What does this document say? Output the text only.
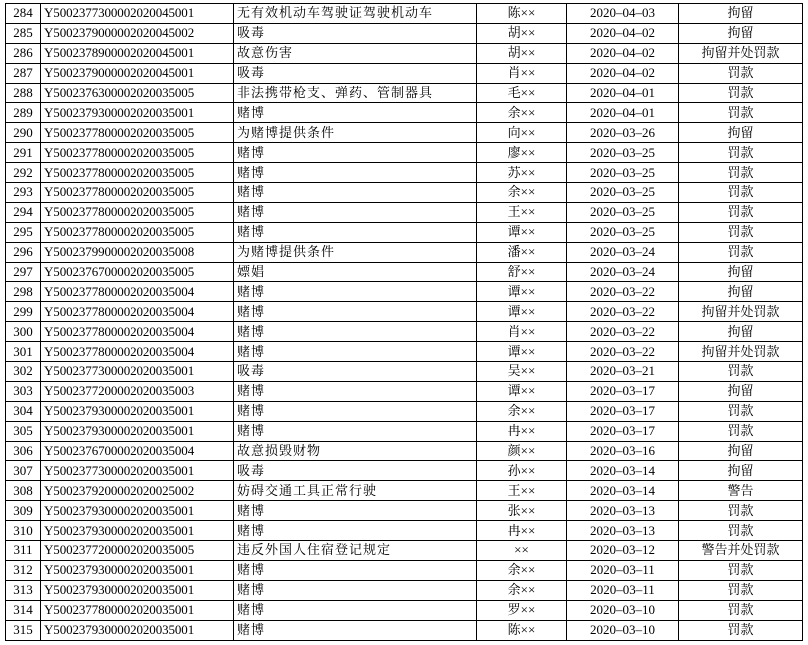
284	Y5002377300002020045001	无有效机动车驾驶证驾驶机动车	陈××	2020–04–03	拘留
285	Y5002379000002020045002	吸毒	胡××	2020–04–02	拘留
286	Y5002378900002020045001	故意伤害	胡××	2020–04–02	拘留并处罚款
287	Y5002379000002020045001	吸毒	肖××	2020–04–02	罚款
288	Y5002376300002020035005	非法携带枪支、弹药、管制器具	毛××	2020–04–01	罚款
289	Y5002379300002020035001	赌博	余××	2020–04–01	罚款
290	Y5002377800002020035005	为赌博提供条件	向××	2020–03–26	拘留
291	Y5002377800002020035005	赌博	廖××	2020–03–25	罚款
292	Y5002377800002020035005	赌博	苏××	2020–03–25	罚款
293	Y5002377800002020035005	赌博	余××	2020–03–25	罚款
294	Y5002377800002020035005	赌博	王××	2020–03–25	罚款
295	Y5002377800002020035005	赌博	谭××	2020–03–25	罚款
296	Y5002379900002020035008	为赌博提供条件	潘××	2020–03–24	罚款
297	Y5002376700002020035005	嫖娼	舒××	2020–03–24	拘留
298	Y5002377800002020035004	赌博	谭××	2020–03–22	拘留
299	Y5002377800002020035004	赌博	谭××	2020–03–22	拘留并处罚款
300	Y5002377800002020035004	赌博	肖××	2020–03–22	拘留
301	Y5002377800002020035004	赌博	谭××	2020–03–22	拘留并处罚款
302	Y5002377300002020035001	吸毒	吴××	2020–03–21	罚款
303	Y5002377200002020035003	赌博	谭××	2020–03–17	拘留
304	Y5002379300002020035001	赌博	余××	2020–03–17	罚款
305	Y5002379300002020035001	赌博	冉××	2020–03–17	罚款
306	Y5002376700002020035004	故意损毁财物	颜××	2020–03–16	拘留
307	Y5002377300002020035001	吸毒	孙××	2020–03–14	拘留
308	Y5002379200002020025002	妨碍交通工具正常行驶	王××	2020–03–14	警告
309	Y5002379300002020035001	赌博	张××	2020–03–13	罚款
310	Y5002379300002020035001	赌博	冉××	2020–03–13	罚款
311	Y5002377200002020035005	违反外国人住宿登记规定	××	2020–03–12	警告并处罚款
312	Y5002379300002020035001	赌博	余××	2020–03–11	罚款
313	Y5002379300002020035001	赌博	余××	2020–03–11	罚款
314	Y5002377800002020035001	赌博	罗××	2020–03–10	罚款
315	Y5002379300002020035001	赌博	陈××	2020–03–10	罚款
